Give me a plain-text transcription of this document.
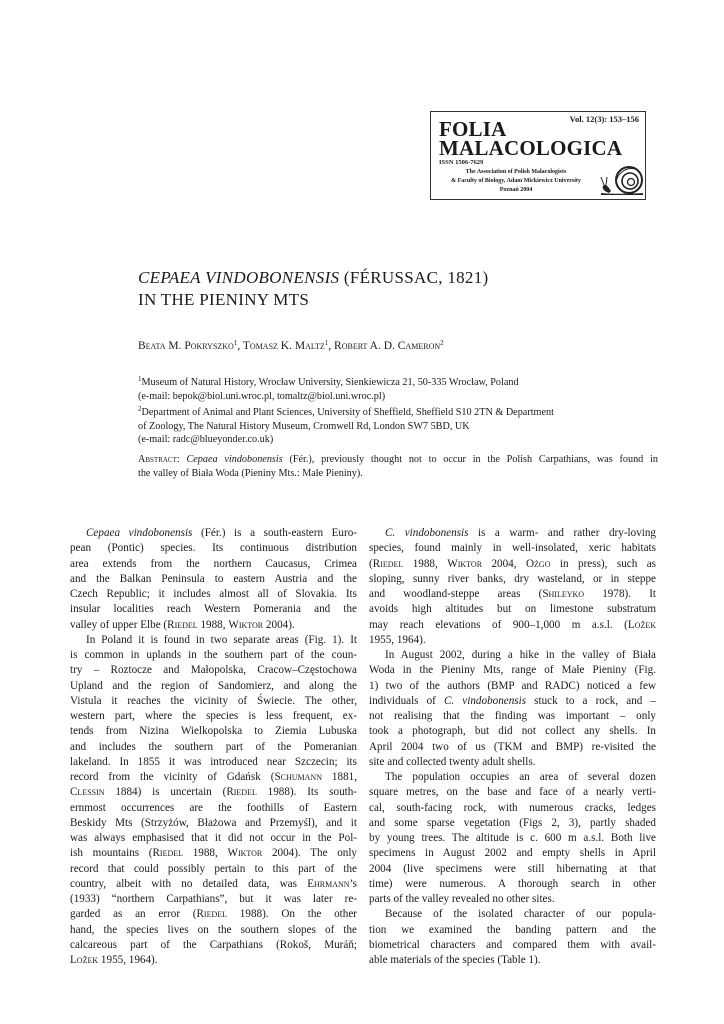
Vol. 12(3): 153–156
FOLIA
MALACOLOGICA
ISSN 1506-7629
The Association of Polish Malacologists
& Faculty of Biology, Adam Mickiewicz University
Poznań 2004
CEPAEA VINDOBONENSIS (FÉRUSSAC, 1821)
IN THE PIENINY MTS
Beata M. Pokryszko$^1$, Tomasz K. Maltz$^1$, Robert A. D. Cameron$^2$
$^1$Museum of Natural History, Wrocław University, Sienkiewicza 21, 50-335 Wrocław, Poland
(e-mail: bepok@biol.uni.wroc.pl, tomaltz@biol.uni.wroc.pl)
$^2$Department of Animal and Plant Sciences, University of Sheffield, Sheffield S10 2TN & Department
of Zoology, The Natural History Museum, Cromwell Rd, London SW7 5BD, UK
(e-mail: radc@blueyonder.co.uk)
Abstract: Cepaea vindobonensis (Fér.), previously thought not to occur in the Polish Carpathians, was found in
the valley of Biała Woda (Pieniny Mts.: Małe Pieniny).
Cepaea vindobonensis (Fér.) is a south-eastern Euro-
pean (Pontic) species. Its continuous distribution
area extends from the northern Caucasus, Crimea
and the Balkan Peninsula to eastern Austria and the
Czech Republic; it includes almost all of Slovakia. Its
insular localities reach Western Pomerania and the
valley of upper Elbe (Riedel 1988, Wiktor 2004).
In Poland it is found in two separate areas (Fig. 1). It
is common in uplands in the southern part of the coun-
try – Roztocze and Małopolska, Cracow–Częstochowa
Upland and the region of Sandomierz, and along the
Vistula it reaches the vicinity of Świecie. The other,
western part, where the species is less frequent, ex-
tends from Nizina Wielkopolska to Ziemia Lubuska
and includes the southern part of the Pomeranian
lakeland. In 1855 it was introduced near Szczecin; its
record from the vicinity of Gdańsk (Schumann 1881,
Clessin 1884) is uncertain (Riedel 1988). Its south-
ernmost occurrences are the foothills of Eastern
Beskidy Mts (Strzyżów, Błażowa and Przemyśl), and it
was always emphasised that it did not occur in the Pol-
ish mountains (Riedel 1988, Wiktor 2004). The only
record that could possibly pertain to this part of the
country, albeit with no detailed data, was Ehrmann’s
(1933) “northern Carpathians”, but it was later re-
garded as an error (Riedel 1988). On the other
hand, the species lives on the southern slopes of the
calcareous part of the Carpathians (Rokoš, Muráň;
Ložek 1955, 1964).
C. vindobonensis is a warm- and rather dry-loving
species, found mainly in well-insolated, xeric habitats
(Riedel 1988, Wiktor 2004, Ożgo in press), such as
sloping, sunny river banks, dry wasteland, or in steppe
and woodland-steppe areas (Shileyko 1978). It
avoids high altitudes but on limestone substratum
may reach elevations of 900–1,000 m a.s.l. (Ložek
1955, 1964).
In August 2002, during a hike in the valley of Biała
Woda in the Pieniny Mts, range of Małe Pieniny (Fig.
1) two of the authors (BMP and RADC) noticed a few
individuals of C. vindobonensis stuck to a rock, and –
not realising that the finding was important – only
took a photograph, but did not collect any shells. In
April 2004 two of us (TKM and BMP) re-visited the
site and collected twenty adult shells.
The population occupies an area of several dozen
square metres, on the base and face of a nearly verti-
cal, south-facing rock, with numerous cracks, ledges
and some sparse vegetation (Figs 2, 3), partly shaded
by young trees. The altitude is c. 600 m a.s.l. Both live
specimens in August 2002 and empty shells in April
2004 (live specimens were still hibernating at that
time) were numerous. A thorough search in other
parts of the valley revealed no other sites.
Because of the isolated character of our popula-
tion we examined the banding pattern and the
biometrical characters and compared them with avail-
able materials of the species (Table 1).
